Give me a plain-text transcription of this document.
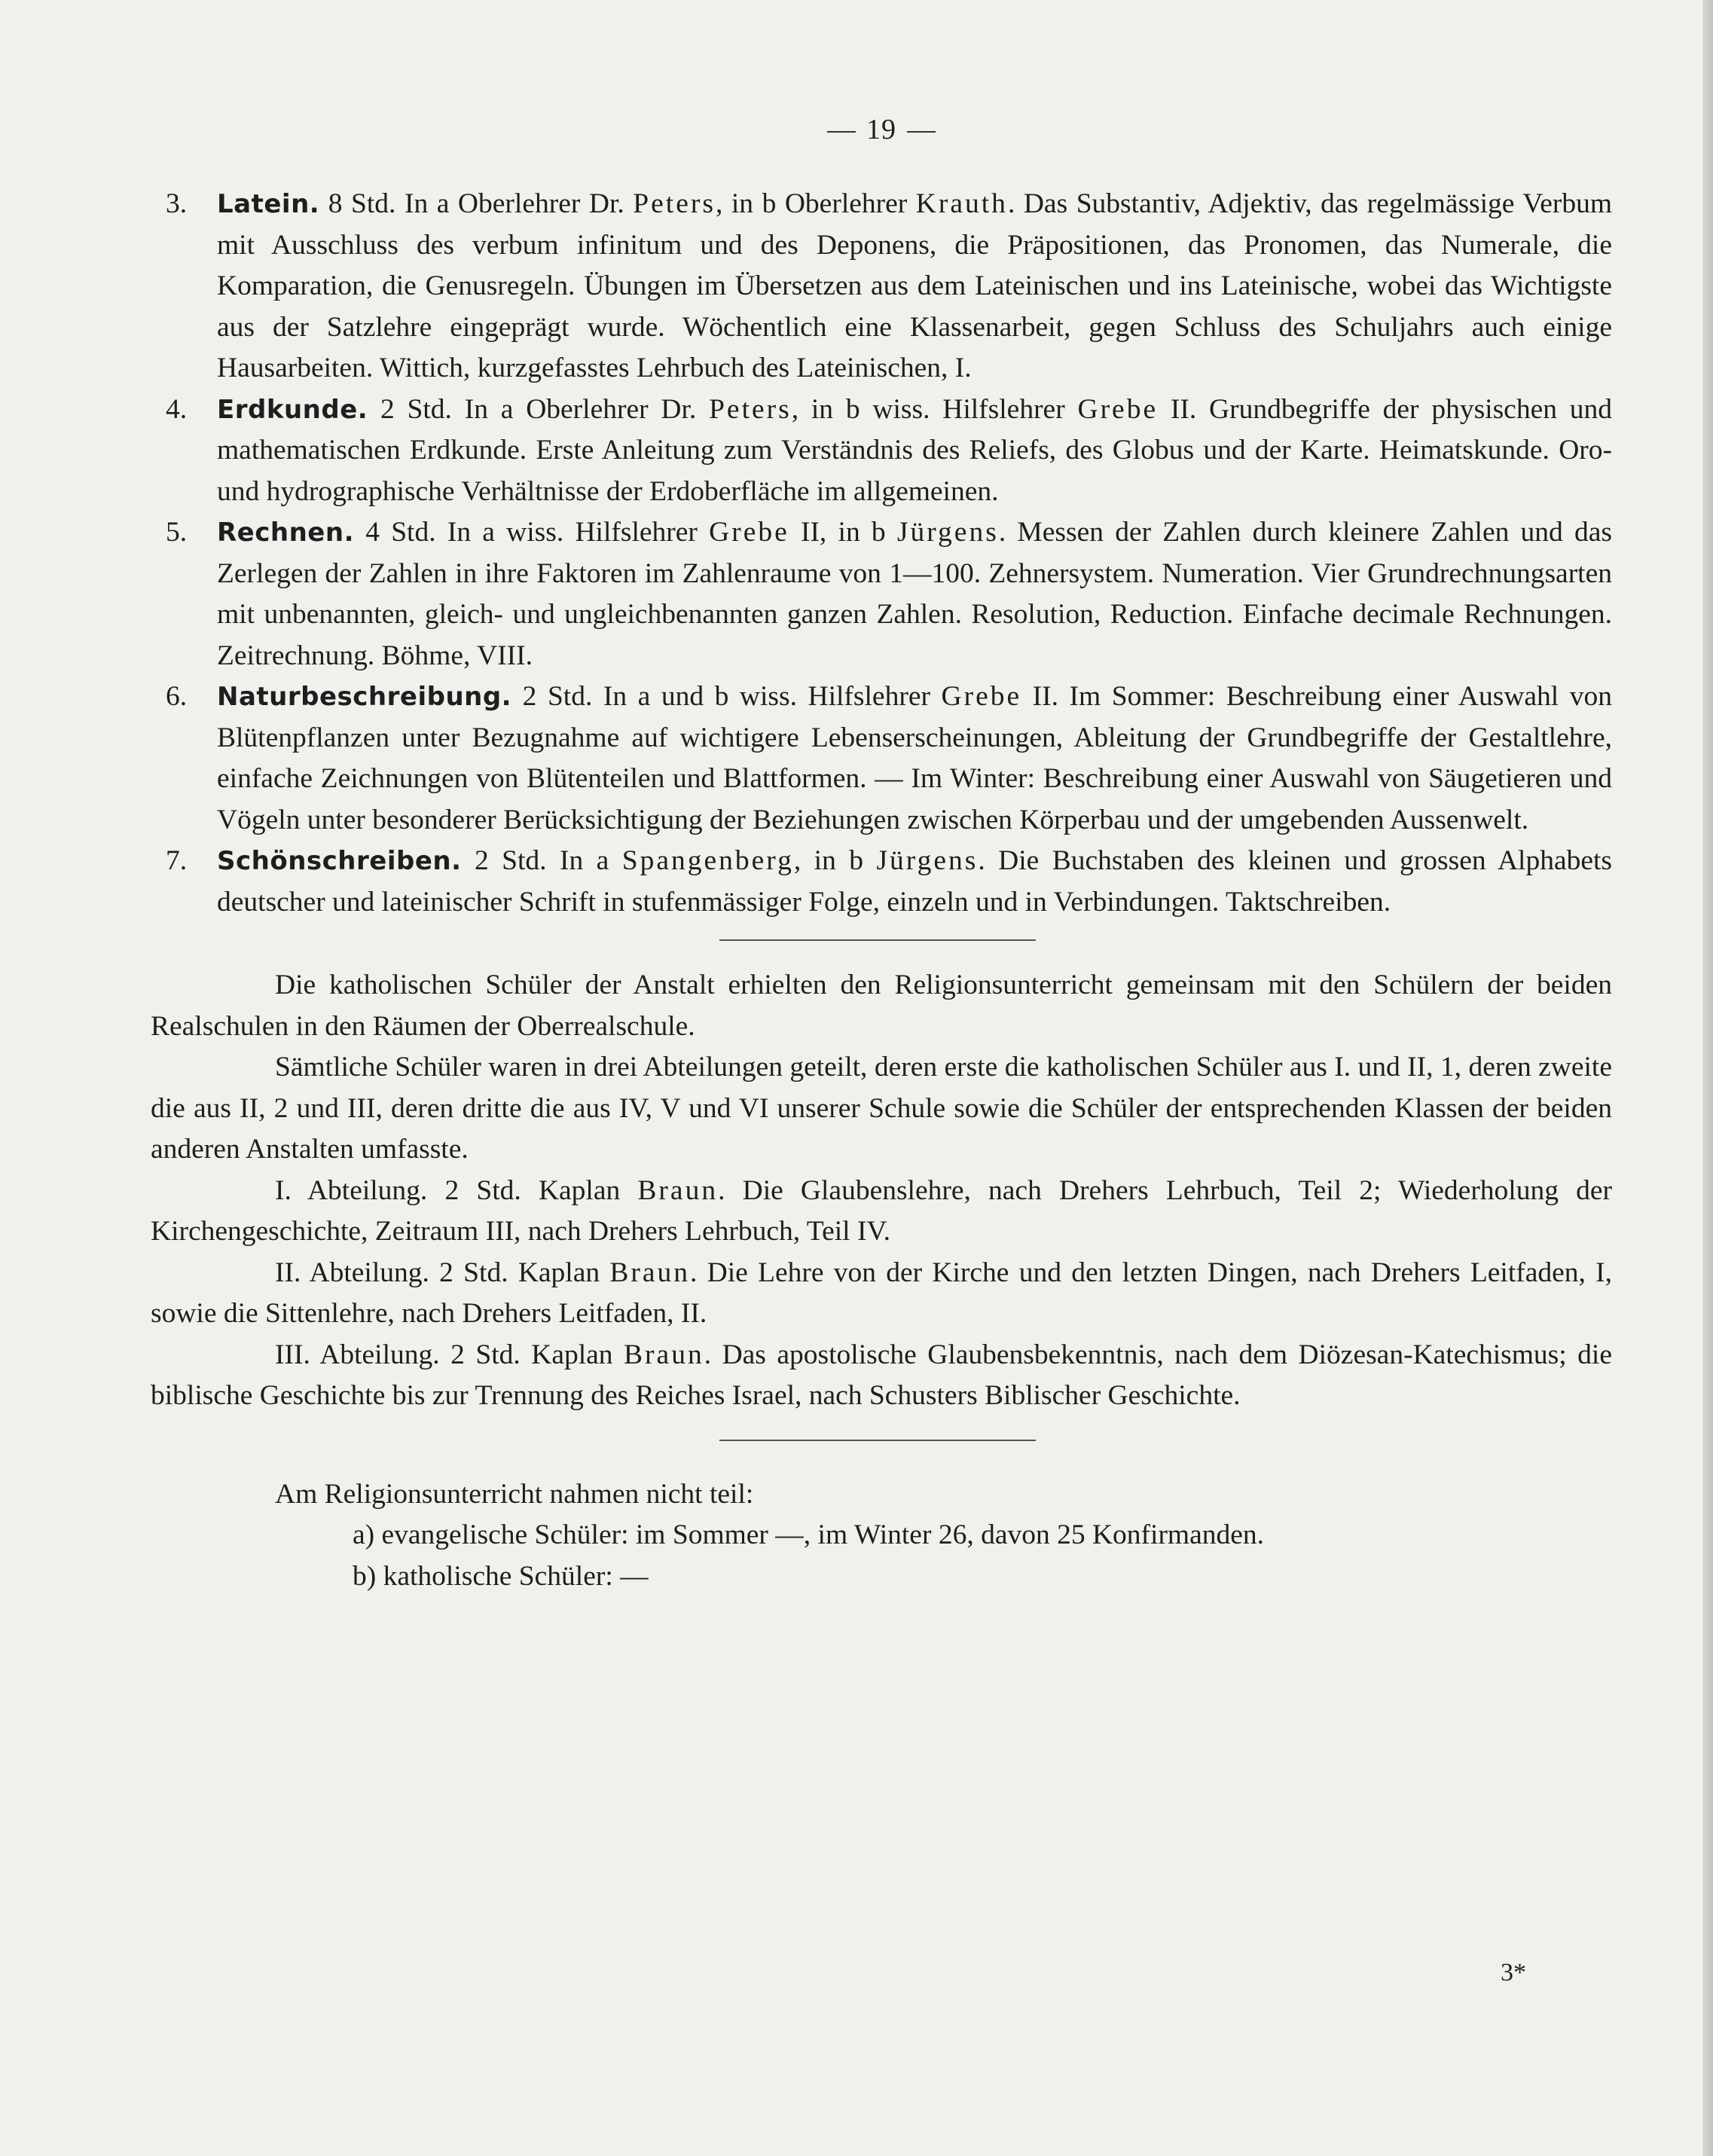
19
3. Latein. 8 Std. In a Oberlehrer Dr. Peters, in b Oberlehrer Krauth. Das Substantiv, Adjektiv, das regelmässige Verbum mit Ausschluss des verbum infinitum und des Deponens, die Präpositionen, das Pronomen, das Numerale, die Komparation, die Genusregeln. Übungen im Übersetzen aus dem Lateinischen und ins Lateinische, wobei das Wichtigste aus der Satzlehre eingeprägt wurde. Wöchentlich eine Klassenarbeit, gegen Schluss des Schuljahrs auch einige Hausarbeiten. Wittich, kurzgefasstes Lehrbuch des Lateinischen, I.
4. Erdkunde. 2 Std. In a Oberlehrer Dr. Peters, in b wiss. Hilfslehrer Grebe II. Grundbegriffe der physischen und mathematischen Erdkunde. Erste Anleitung zum Verständnis des Reliefs, des Globus und der Karte. Heimatskunde. Oro- und hydrographische Verhältnisse der Erdoberfläche im allgemeinen.
5. Rechnen. 4 Std. In a wiss. Hilfslehrer Grebe II, in b Jürgens. Messen der Zahlen durch kleinere Zahlen und das Zerlegen der Zahlen in ihre Faktoren im Zahlenraume von 1—100. Zehnersystem. Numeration. Vier Grundrechnungsarten mit unbenannten, gleich- und ungleichbenannten ganzen Zahlen. Resolution, Reduction. Einfache decimale Rechnungen. Zeitrechnung. Böhme, VIII.
6. Naturbeschreibung. 2 Std. In a und b wiss. Hilfslehrer Grebe II. Im Sommer: Beschreibung einer Auswahl von Blütenpflanzen unter Bezugnahme auf wichtigere Lebenserscheinungen, Ableitung der Grundbegriffe der Gestaltlehre, einfache Zeichnungen von Blütenteilen und Blattformen. — Im Winter: Beschreibung einer Auswahl von Säugetieren und Vögeln unter besonderer Berücksichtigung der Beziehungen zwischen Körperbau und der umgebenden Aussenwelt.
7. Schönschreiben. 2 Std. In a Spangenberg, in b Jürgens. Die Buchstaben des kleinen und grossen Alphabets deutscher und lateinischer Schrift in stufenmässiger Folge, einzeln und in Verbindungen. Taktschreiben.

Die katholischen Schüler der Anstalt erhielten den Religionsunterricht gemeinsam mit den Schülern der beiden Realschulen in den Räumen der Oberrealschule.

Sämtliche Schüler waren in drei Abteilungen geteilt, deren erste die katholischen Schüler aus I. und II, 1, deren zweite die aus II, 2 und III, deren dritte die aus IV, V und VI unserer Schule sowie die Schüler der entsprechenden Klassen der beiden anderen Anstalten umfasste.

I. Abteilung. 2 Std. Kaplan Braun. Die Glaubenslehre, nach Drehers Lehrbuch, Teil 2; Wiederholung der Kirchengeschichte, Zeitraum III, nach Drehers Lehrbuch, Teil IV.

II. Abteilung. 2 Std. Kaplan Braun. Die Lehre von der Kirche und den letzten Dingen, nach Drehers Leitfaden, I, sowie die Sittenlehre, nach Drehers Leitfaden, II.

III. Abteilung. 2 Std. Kaplan Braun. Das apostolische Glaubensbekenntnis, nach dem Diözesan-Katechismus; die biblische Geschichte bis zur Trennung des Reiches Israel, nach Schusters Biblischer Geschichte.

Am Religionsunterricht nahmen nicht teil:
a) evangelische Schüler: im Sommer —, im Winter 26, davon 25 Konfirmanden.
b) katholische Schüler: —
3*
